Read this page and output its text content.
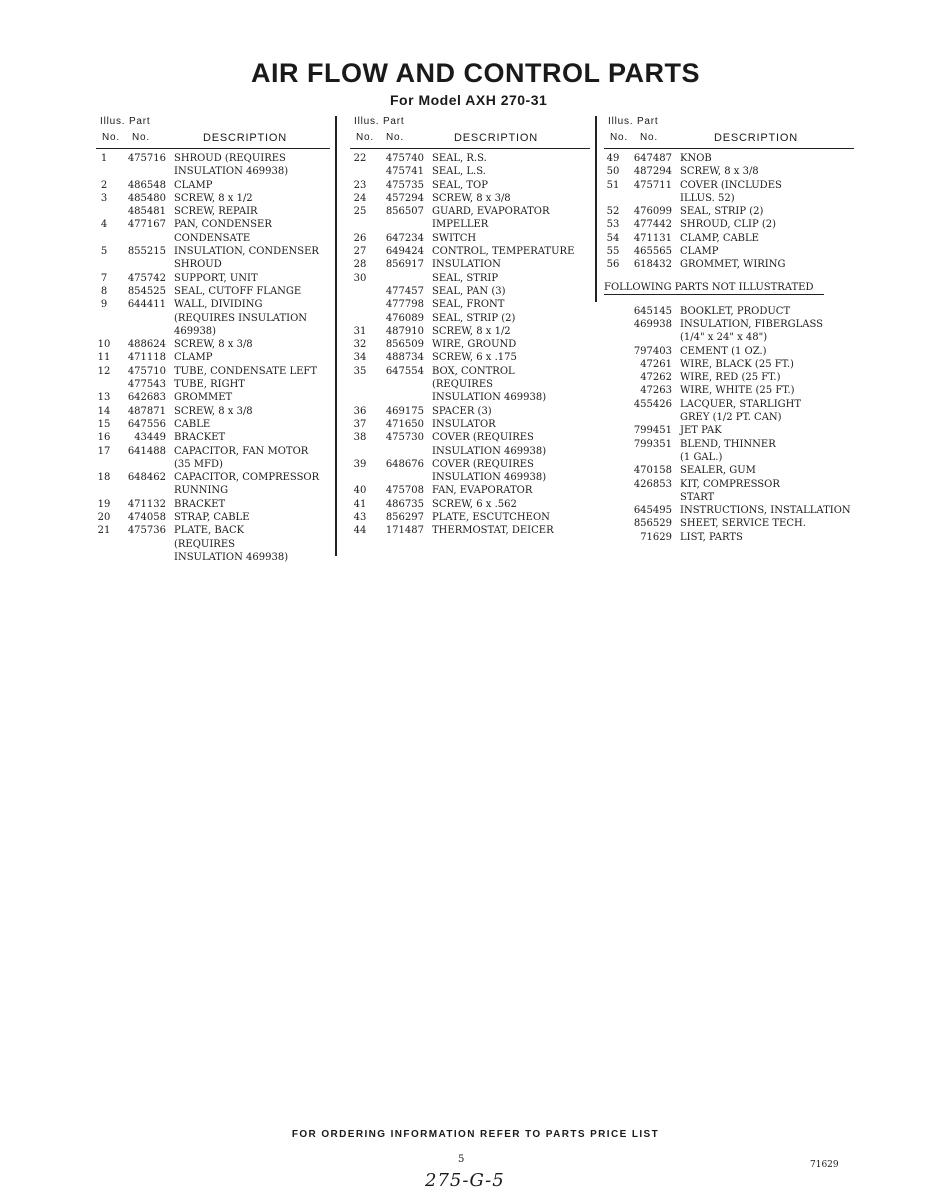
AIR FLOW AND CONTROL PARTS
For Model AXH 270-31
Illus. Part
No. No.	DESCRIPTION
1	475716 SHROUD (REQUIRES
INSULATION 469938)
2	486548 CLAMP
3	485480 SCREW, 8 x 1/2
485481 SCREW, REPAIR
4	477167 PAN, CONDENSER
CONDENSATE
5	855215 INSULATION, CONDENSER
SHROUD
7	475742 SUPPORT, UNIT
8	854525 SEAL, CUTOFF FLANGE
9	644411 WALL, DIVIDING
(REQUIRES INSULATION
469938)
10	488624 SCREW, 8 x 3/8
11	471118 CLAMP
12	475710 TUBE, CONDENSATE LEFT
477543 TUBE, RIGHT
13	642683 GROMMET
14	487871 SCREW, 8 x 3/8
15	647556 CABLE
16	43449 BRACKET
17	641488 CAPACITOR, FAN MOTOR
(35 MFD)
18	648462 CAPACITOR, COMPRESSOR
RUNNING
19	471132 BRACKET
20	474058 STRAP, CABLE
21	475736 PLATE, BACK
(REQUIRES
INSULATION 469938)
Illus. Part
No. No.	DESCRIPTION
22	475740 SEAL, R.S.
475741 SEAL, L.S.
23	475735 SEAL, TOP
24	457294 SCREW, 8 x 3/8
25	856507 GUARD, EVAPORATOR
IMPELLER
26	647234 SWITCH
27	649424 CONTROL, TEMPERATURE
28	856917 INSULATION
30	SEAL, STRIP
477457 SEAL, PAN (3)
477798 SEAL, FRONT
476089 SEAL, STRIP (2)
31	487910 SCREW, 8 x 1/2
32	856509 WIRE, GROUND
34	488734 SCREW, 6 x .175
35	647554 BOX, CONTROL
(REQUIRES
INSULATION 469938)
36	469175 SPACER (3)
37	471650 INSULATOR
38	475730 COVER (REQUIRES
INSULATION 469938)
39	648676 COVER (REQUIRES
INSULATION 469938)
40	475708 FAN, EVAPORATOR
41	486735 SCREW, 6 x .562
43	856297 PLATE, ESCUTCHEON
44	171487 THERMOSTAT, DEICER
Illus. Part
No. No.	DESCRIPTION
49	647487 KNOB
50	487294 SCREW, 8 x 3/8
51	475711 COVER (INCLUDES
ILLUS. 52)
52	476099 SEAL, STRIP (2)
53	477442 SHROUD, CLIP (2)
54	471131 CLAMP, CABLE
55	465565 CLAMP
56	618432 GROMMET, WIRING
FOLLOWING PARTS NOT ILLUSTRATED
645145 BOOKLET, PRODUCT
469938 INSULATION, FIBERGLASS
(1/4" x 24" x 48")
797403 CEMENT (1 OZ.)
47261 WIRE, BLACK (25 FT.)
47262 WIRE, RED (25 FT.)
47263 WIRE, WHITE (25 FT.)
455426 LACQUER, STARLIGHT
GREY (1/2 PT. CAN)
799451 JET PAK
799351 BLEND, THINNER
(1 GAL.)
470158 SEALER, GUM
426853 KIT, COMPRESSOR
START
645495 INSTRUCTIONS, INSTALLATION
856529 SHEET, SERVICE TECH.
71629 LIST, PARTS
FOR ORDERING INFORMATION REFER TO PARTS PRICE LIST
5	71629
275-G-5
